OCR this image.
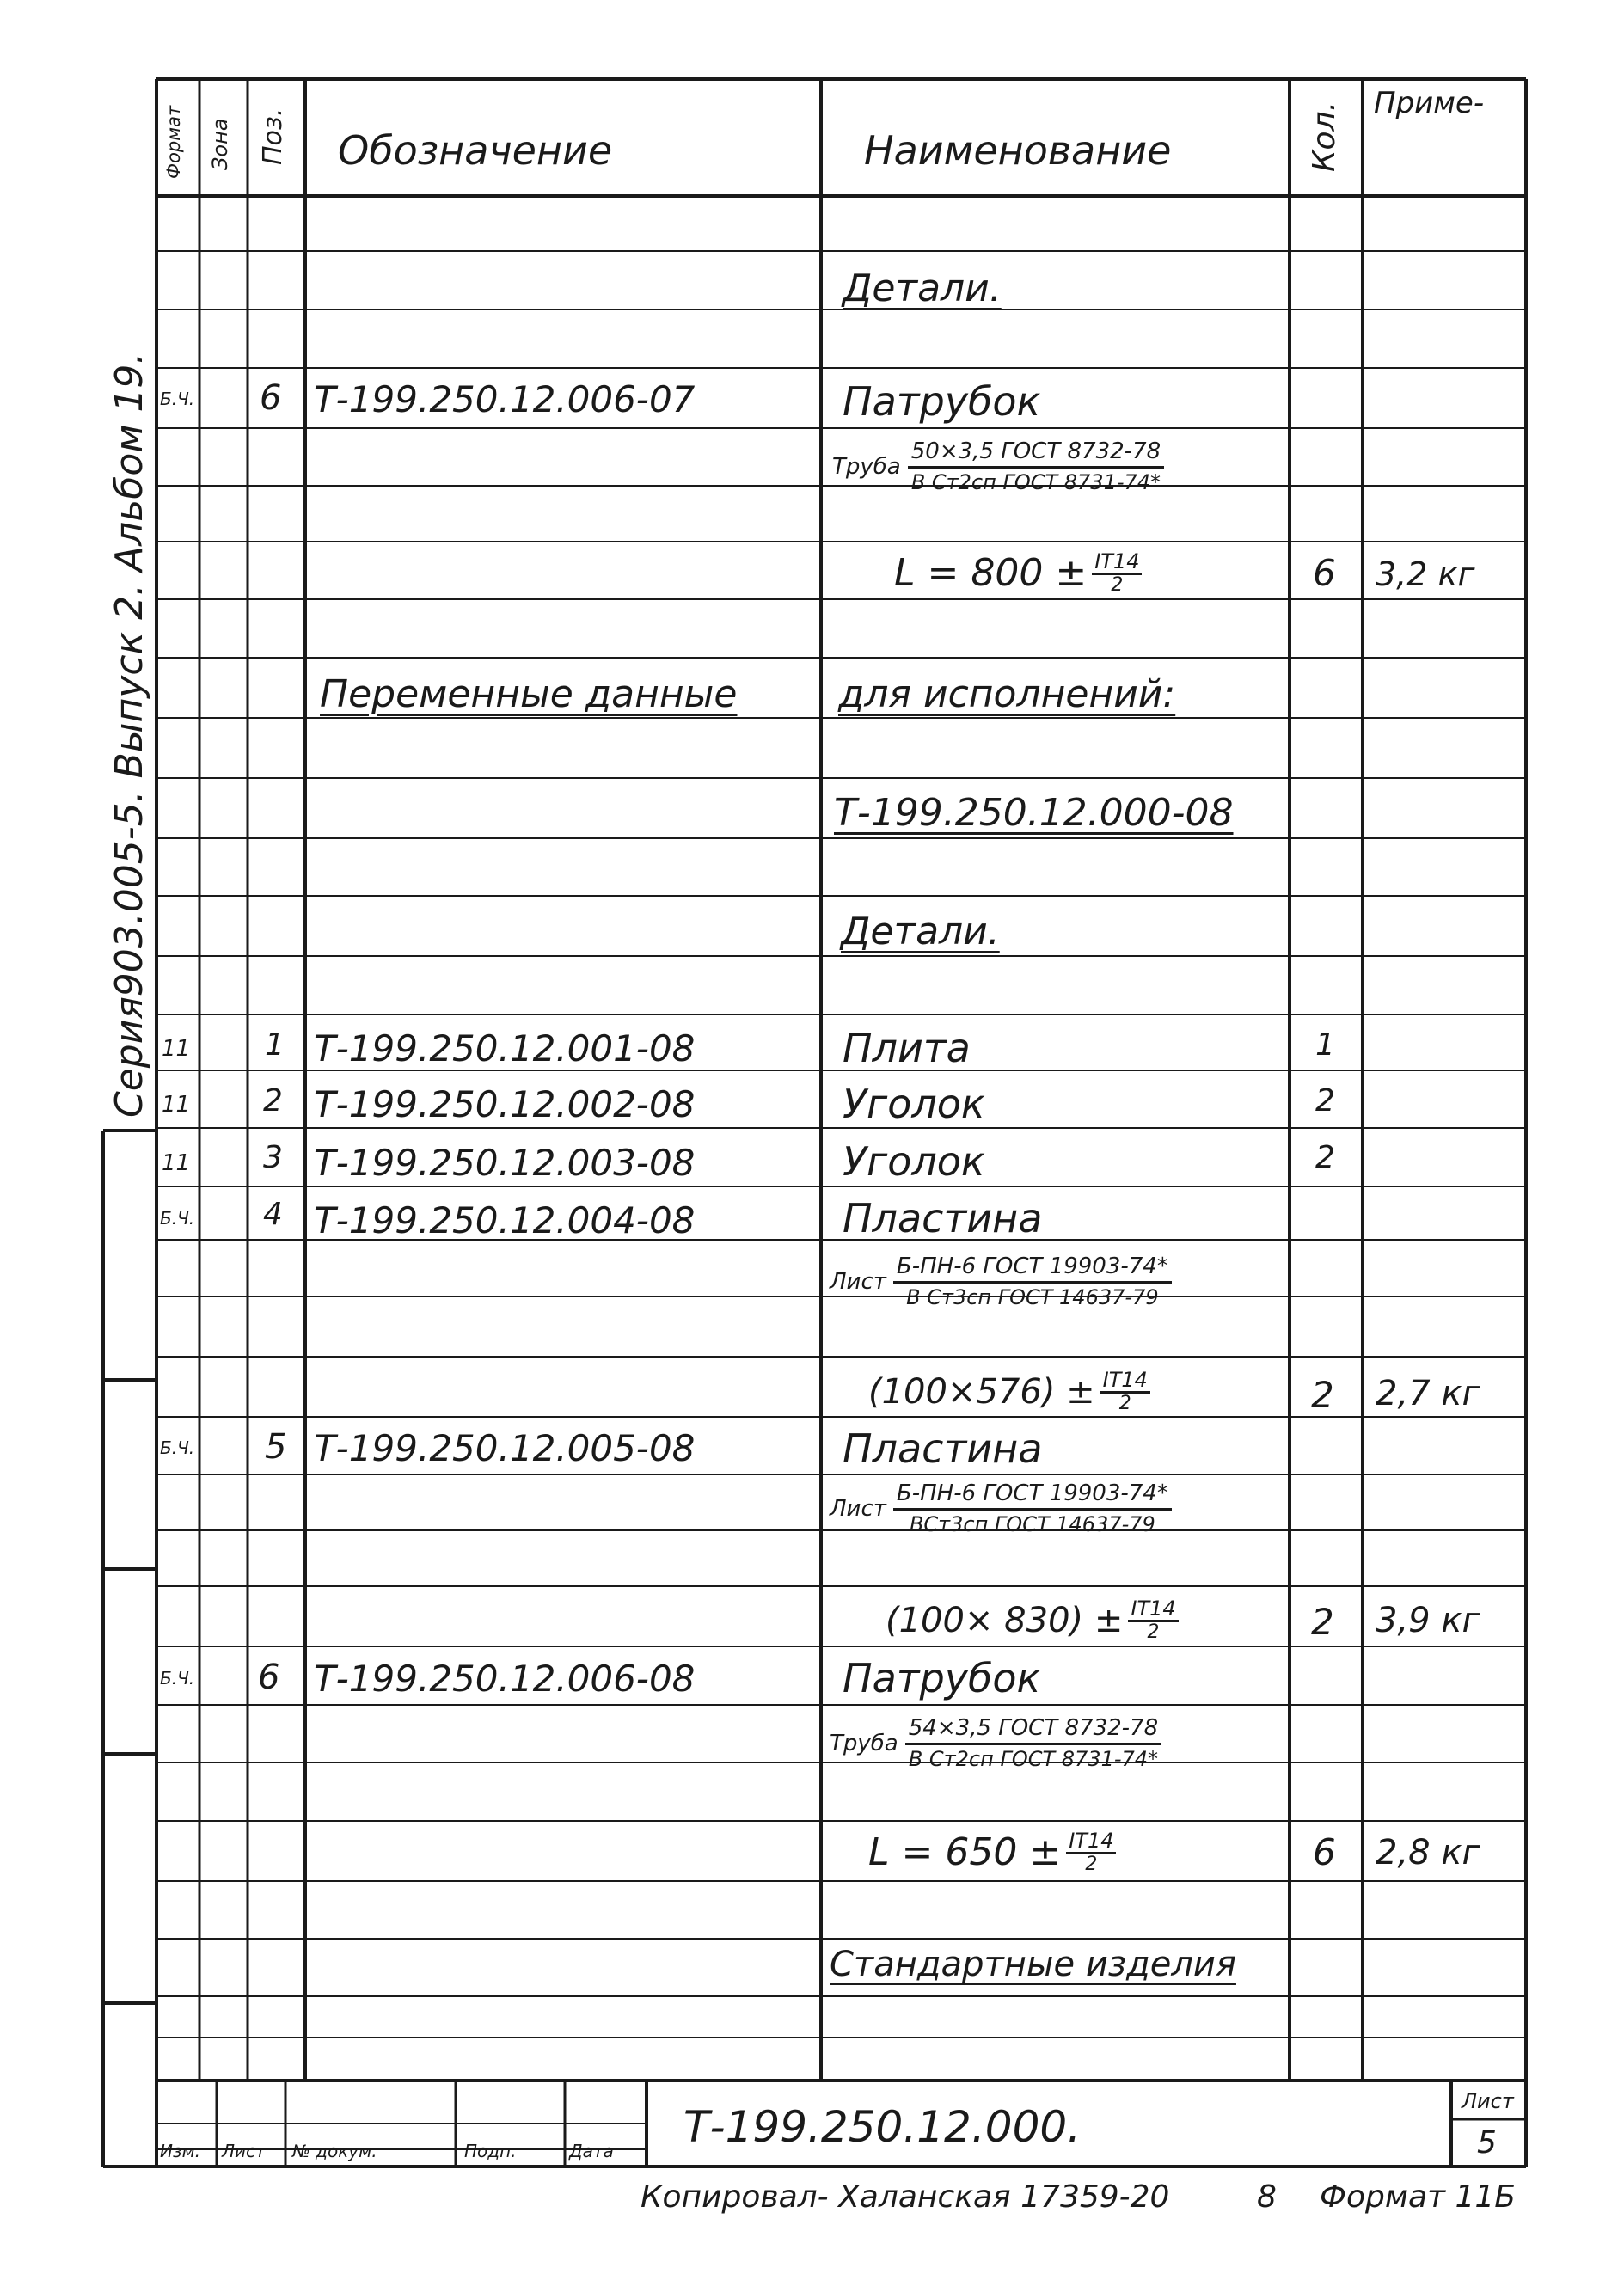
Серия903.005-5. Выпуск 2. Альбом 19.
Формат Зона Поз. Обозначение	Наименование	Кол. Приме-
Детали.
Б.Ч. 6 Т-199.250.12.006-07	Патрубок
Труба $\frac{\text{50×3,5 ГОСТ 8732-78}}{\text{В Ст2сп ГОСТ 8731-74*}}$
$L = 800 \pm \frac{IT14}{2}$	6 3,2 кг
Переменные данные	для исполнений:
Т-199.250.12.000-08
Детали.
11 1 Т-199.250.12.001-08	Плита	1
11 2 Т-199.250.12.002-08	Уголок	2
11 3 Т-199.250.12.003-08	Уголок	2
Б.Ч. 4 Т-199.250.12.004-08	Пластина
Лист $\frac{\text{Б-ПН-6 ГОСТ 19903-74*}}{\text{В Ст3сп ГОСТ 14637-79}}$
$(100\times 576) \pm \frac{IT14}{2}$	2 2,7 кг
Б.Ч. 5 Т-199.250.12.005-08	Пластина
Лист $\frac{\text{Б-ПН-6 ГОСТ 19903-74*}}{\text{ВСт3сп ГОСТ 14637-79}}$
$(100\times 830) \pm \frac{IT14}{2}$	2 3,9 кг
Б.Ч. 6 Т-199.250.12.006-08	Патрубок
Труба $\frac{\text{54×3,5 ГОСТ 8732-78}}{\text{В Ст2сп ГОСТ 8731-74*}}$
$L = 650 \pm \frac{IT14}{2}$	6 2,8 кг
Стандартные изделия
Изм. Лист № докум.	Подп.	Дата Т-199.250.12.000.
Лист
5
Копировал- Халанская 17359-20	8 Формат 11Б
